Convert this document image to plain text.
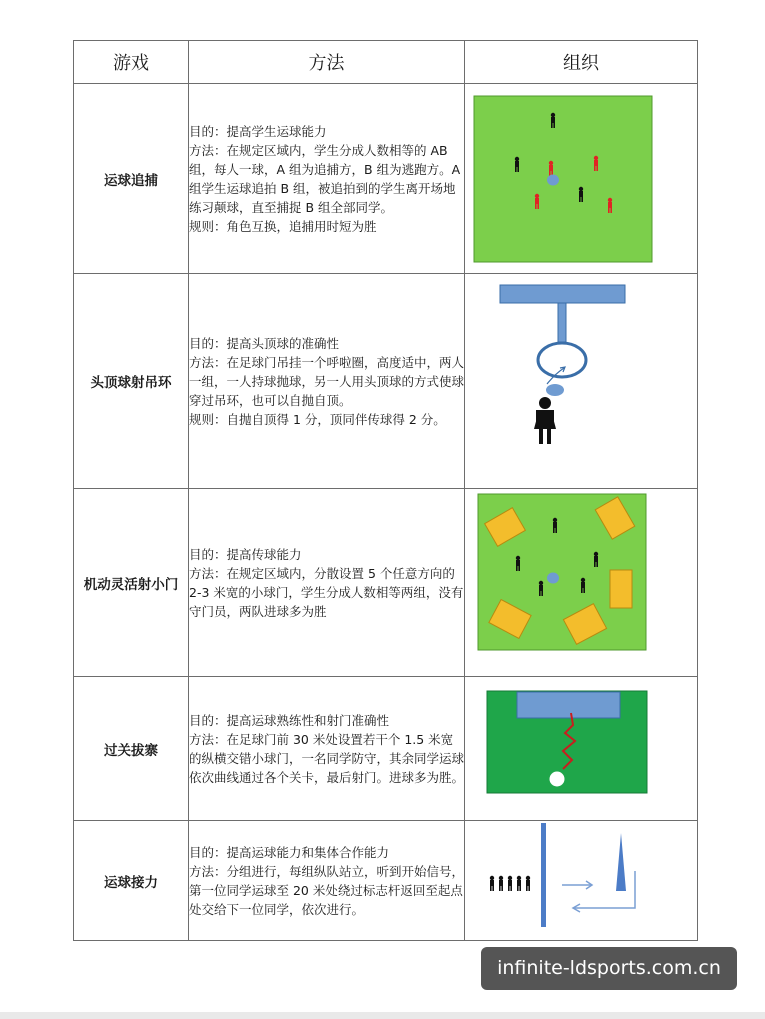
游戏	方法	组织
运球追捕	目的：提高学生运球能力

方法：在规定区域内，学生分成人数相等的 AB 组，每人一球，A 组为追捕方，B 组为逃跑方。A 组学生运球追拍 B 组，被追拍到的学生离开场地练习颠球，直至捕捉 B 组全部同学。

规则：角色互换，追捕用时短为胜

头顶球射吊环	目的：提高头顶球的准确性

方法：在足球门吊挂一个呼啦圈，高度适中，两人一组，一人持球抛球，另一人用头顶球的方式使球穿过吊环，也可以自抛自顶。

规则：自抛自顶得 1 分，顶同伴传球得 2 分。

机动灵活射小门	目的：提高传球能力

方法：在规定区域内，分散设置 5 个任意方向的 2-3 米宽的小球门，学生分成人数相等两组，没有守门员，两队进球多为胜

过关拔寨	目的：提高运球熟练性和射门准确性

方法：在足球门前 30 米处设置若干个 1.5 米宽的纵横交错小球门，一名同学防守，其余同学运球依次曲线通过各个关卡，最后射门。进球多为胜。

运球接力	目的：提高运球能力和集体合作能力

方法：分组进行，每组纵队站立，听到开始信号，第一位同学运球至 20 米处绕过标志杆返回至起点处交给下一位同学，依次进行。

infinite-ldsports.com.cn
